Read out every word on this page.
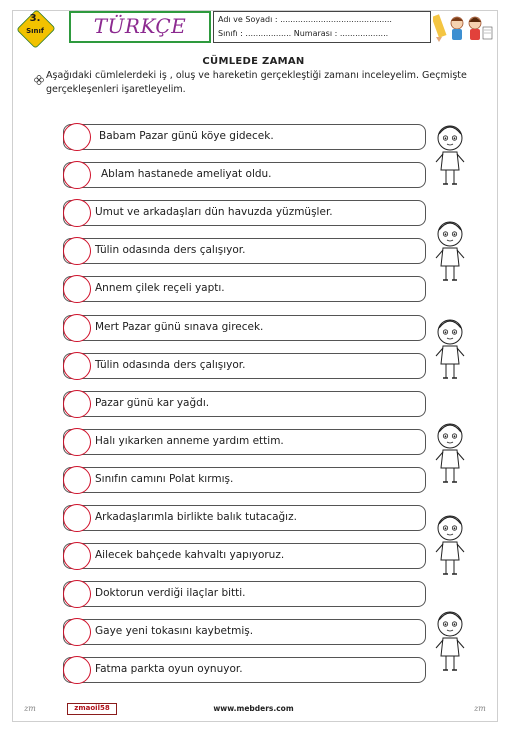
3.
Sınıf	TÜRKÇE	Adı ve Soyadı : ............................................
Sınıfı : .................. Numarası : ...................
CÜMLEDE ZAMAN
Aşağıdaki cümlelerdeki iş , oluş ve hareketin gerçekleştiği zamanı inceleyelim. Geçmişte gerçekleşenleri işaretleyelim.
Babam Pazar günü köye gidecek.
Ablam hastanede ameliyat oldu.
Umut ve arkadaşları dün havuzda yüzmüşler.
Tülin odasında ders çalışıyor.
Annem çilek reçeli yaptı.
Mert Pazar günü sınava girecek.
Tülin odasında ders çalışıyor.
Pazar günü kar yağdı.
Halı yıkarken anneme yardım ettim.
Sınıfın camını Polat kırmış.
Arkadaşlarımla birlikte balık tutacağız.
Ailecek bahçede kahvaltı yapıyoruz.
Doktorun verdiği ilaçlar bitti.
Gaye yeni tokasını kaybetmiş.
Fatma parkta oyun oynuyor.
zm	zmaoil58	www.mebders.com	zm
